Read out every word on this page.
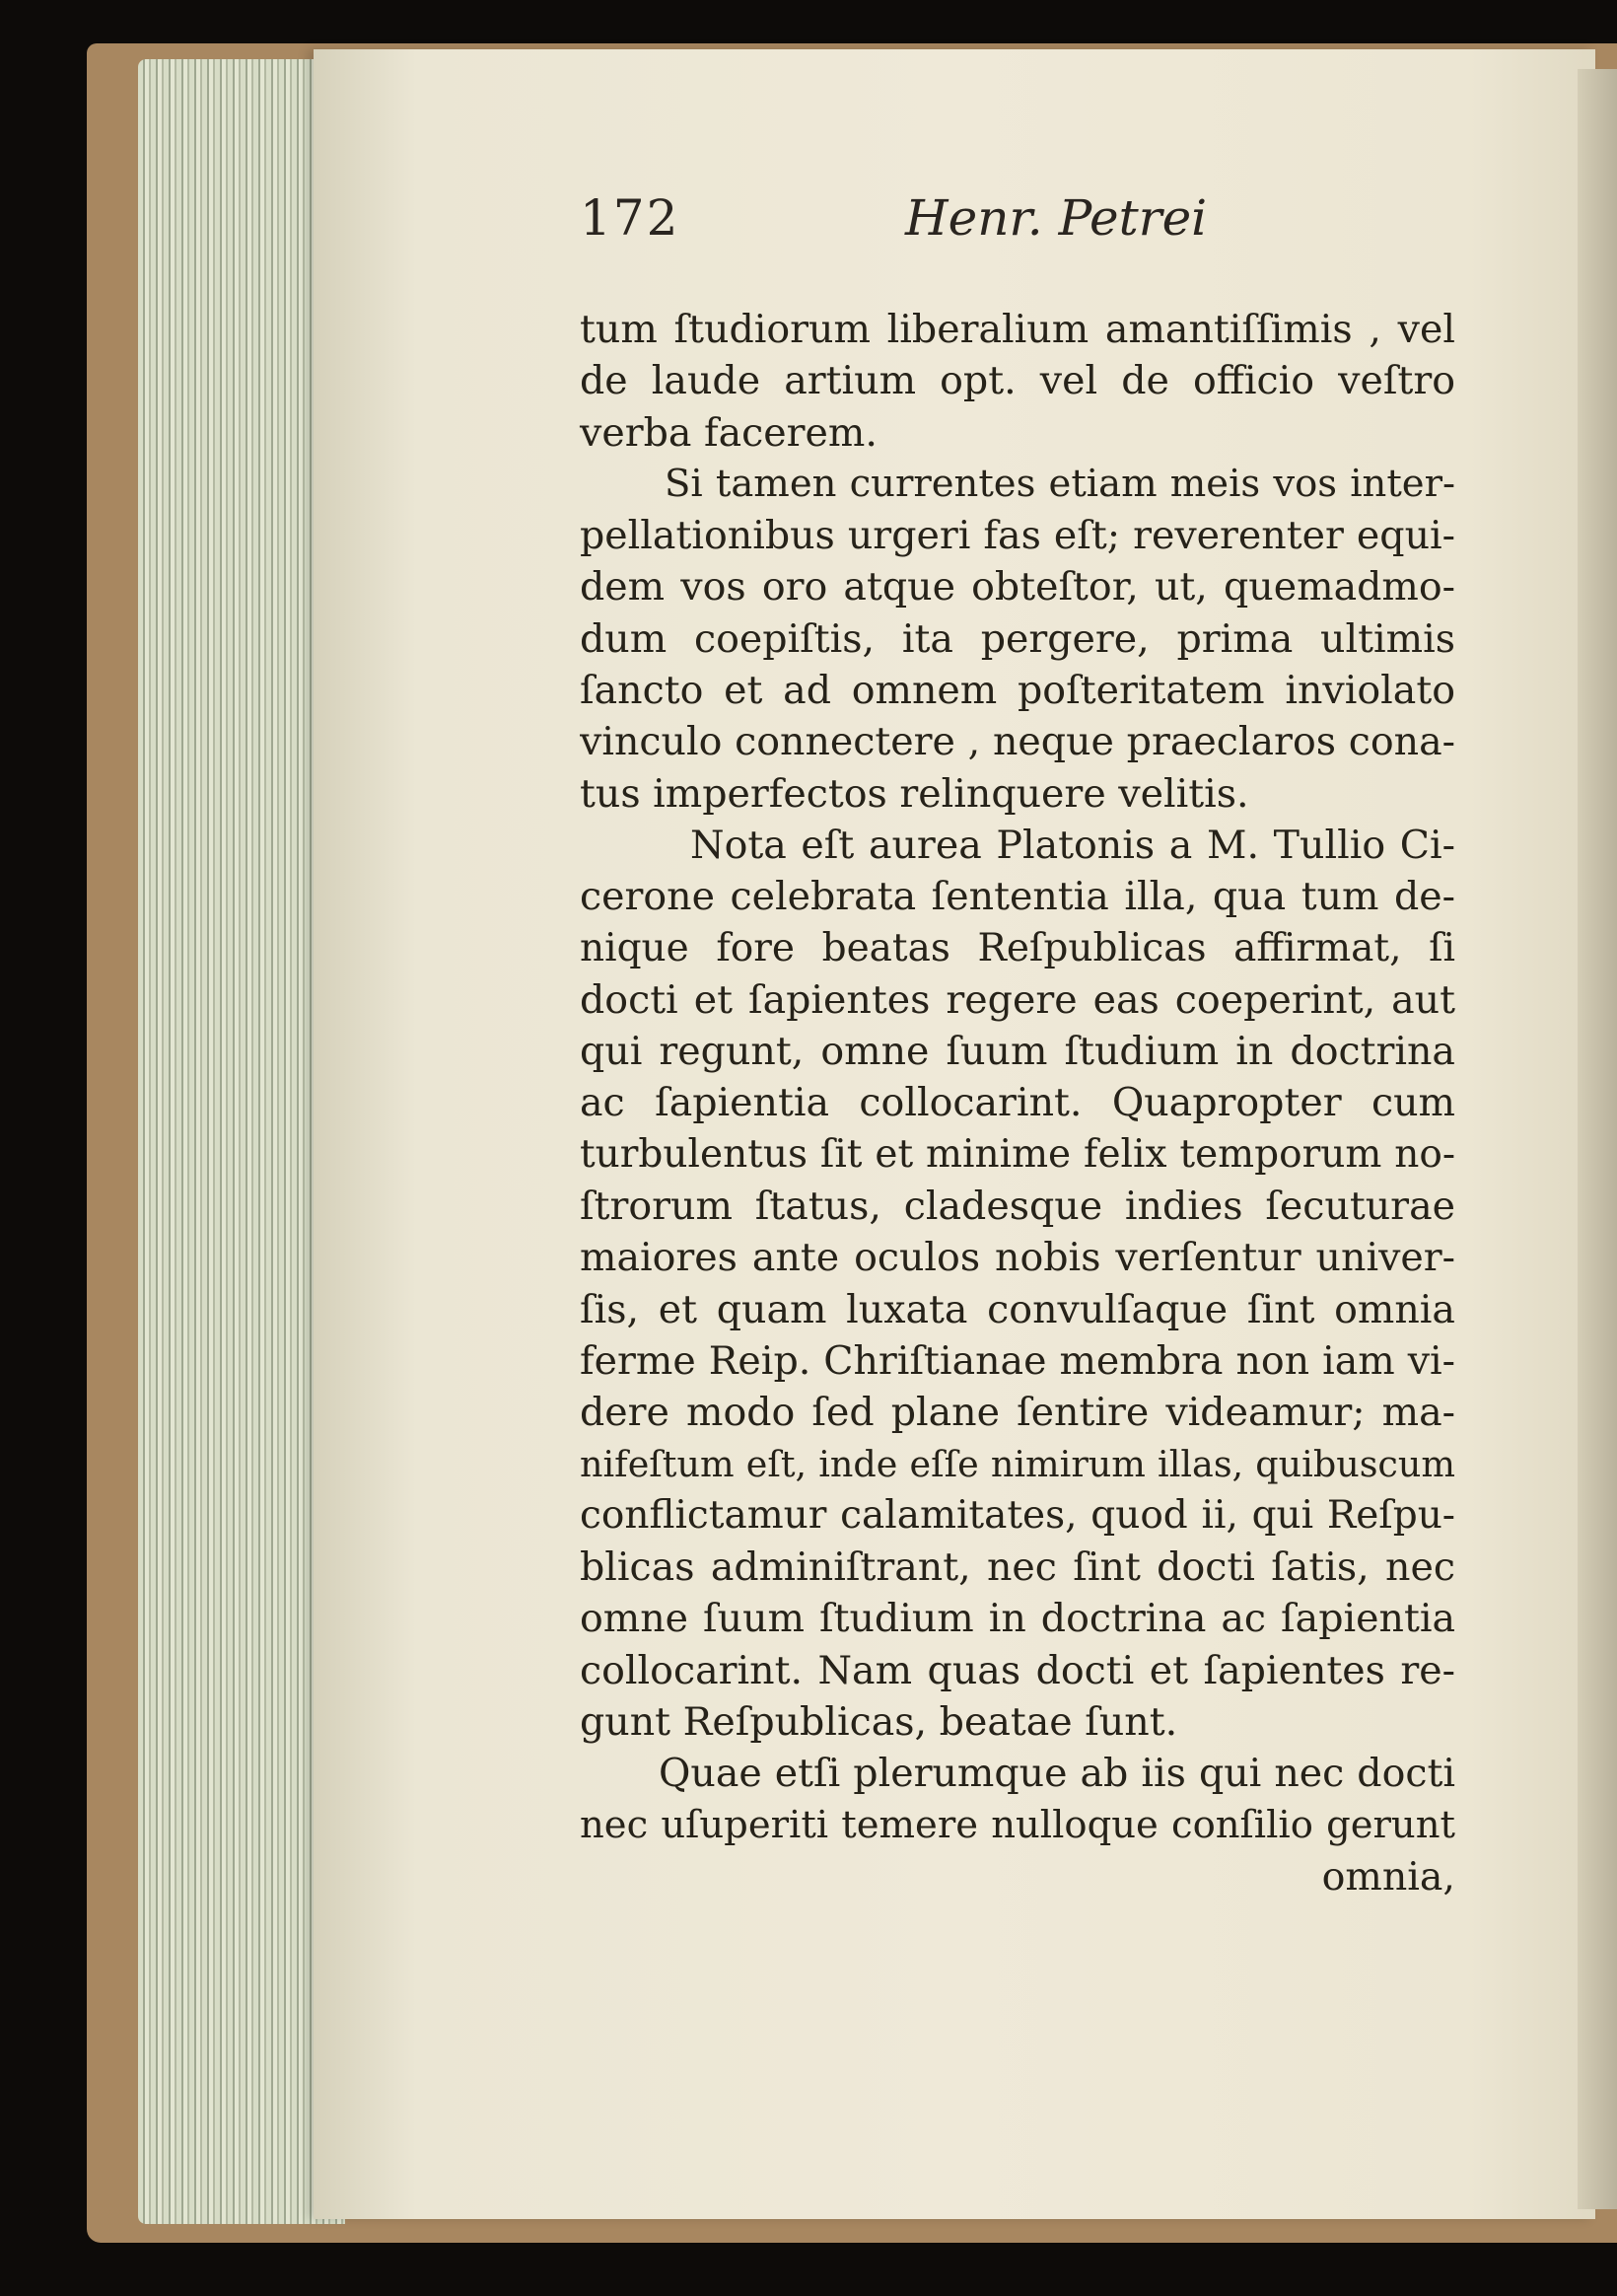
172	Henr. Petrei
tum ſtudiorum liberalium amantiſſimis , vel
de laude artium opt. vel de officio veſtro
verba facerem.
Si tamen currentes etiam meis vos inter-
pellationibus urgeri fas eſt; reverenter equi-
dem vos oro atque obteſtor, ut, quemadmo-
dum coepiſtis, ita pergere, prima ultimis
ſancto et ad omnem poſteritatem inviolato
vinculo connectere , neque praeclaros cona-
tus imperfectos relinquere velitis.
Nota eſt aurea Platonis a M. Tullio Ci-
cerone celebrata ſententia illa, qua tum de-
nique fore beatas Reſpublicas affirmat, ſi
docti et ſapientes regere eas coeperint, aut
qui regunt, omne ſuum ſtudium in doctrina
ac ſapientia collocarint. Quapropter cum
turbulentus ſit et minime felix temporum no-
ſtrorum ſtatus, cladesque indies ſecuturae
maiores ante oculos nobis verſentur univer-
ſis, et quam luxata convulſaque ſint omnia
ferme Reip. Chriſtianae membra non iam vi-
dere modo ſed plane ſentire videamur; ma-
nifeſtum eſt, inde eſſe nimirum illas, quibuscum
conflictamur calamitates, quod ii, qui Reſpu-
blicas adminiſtrant, nec ſint docti ſatis, nec
omne ſuum ſtudium in doctrina ac ſapientia
collocarint. Nam quas docti et ſapientes re-
gunt Reſpublicas, beatae ſunt.
Quae etſi plerumque ab iis qui nec docti
nec uſuperiti temere nulloque conſilio gerunt
omnia,
